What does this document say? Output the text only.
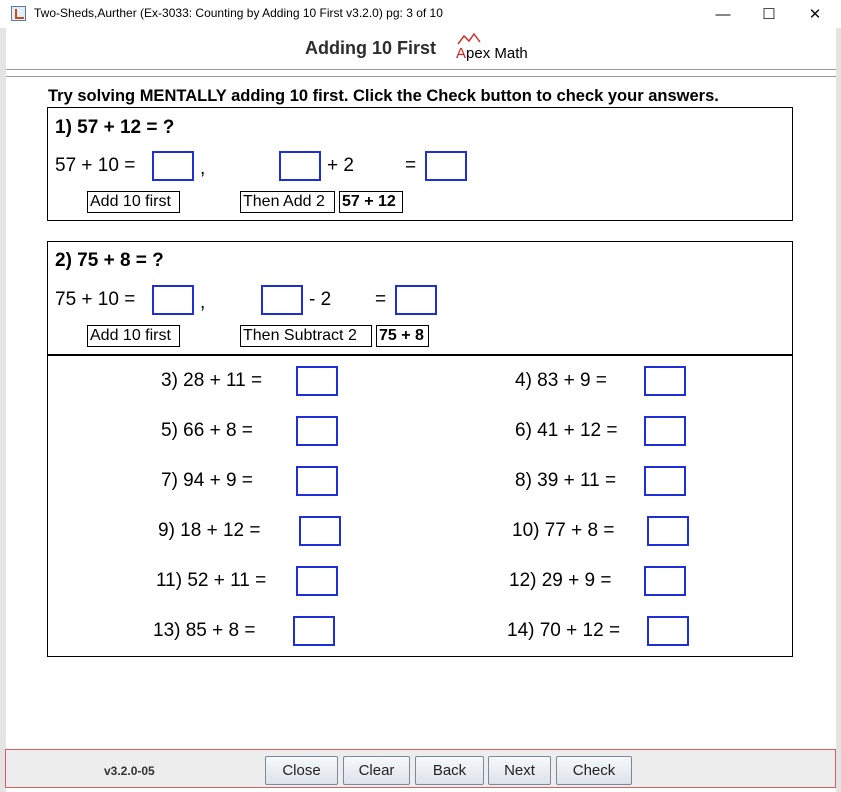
Two-Sheds,Aurther (Ex-3033: Counting by Adding 10 First v3.2.0) pg: 3 of 10	—	☐	✕
Adding 10 First Apex Math
Try solving MENTALLY adding 10 first. Click the Check button to check your answers.
1) 57 + 12 = ?
57 + 10 =	,	+ 2	=
Add 10 first	Then Add 2	57 + 12
2) 75 + 8 = ?
75 + 10 =	,	- 2 =
Add 10 first	Then Subtract 2	75 + 8
3) 28 + 11 =	4) 83 + 9 =
5) 66 + 8 =	6) 41 + 12 =
7) 94 + 9 =	8) 39 + 11 =
9) 18 + 12 =	10) 77 + 8 =
11) 52 + 11 =	12) 29 + 9 =
13) 85 + 8 =	14) 70 + 12 =
v3.2.0-05	Close	Clear	Back	Next	Check
